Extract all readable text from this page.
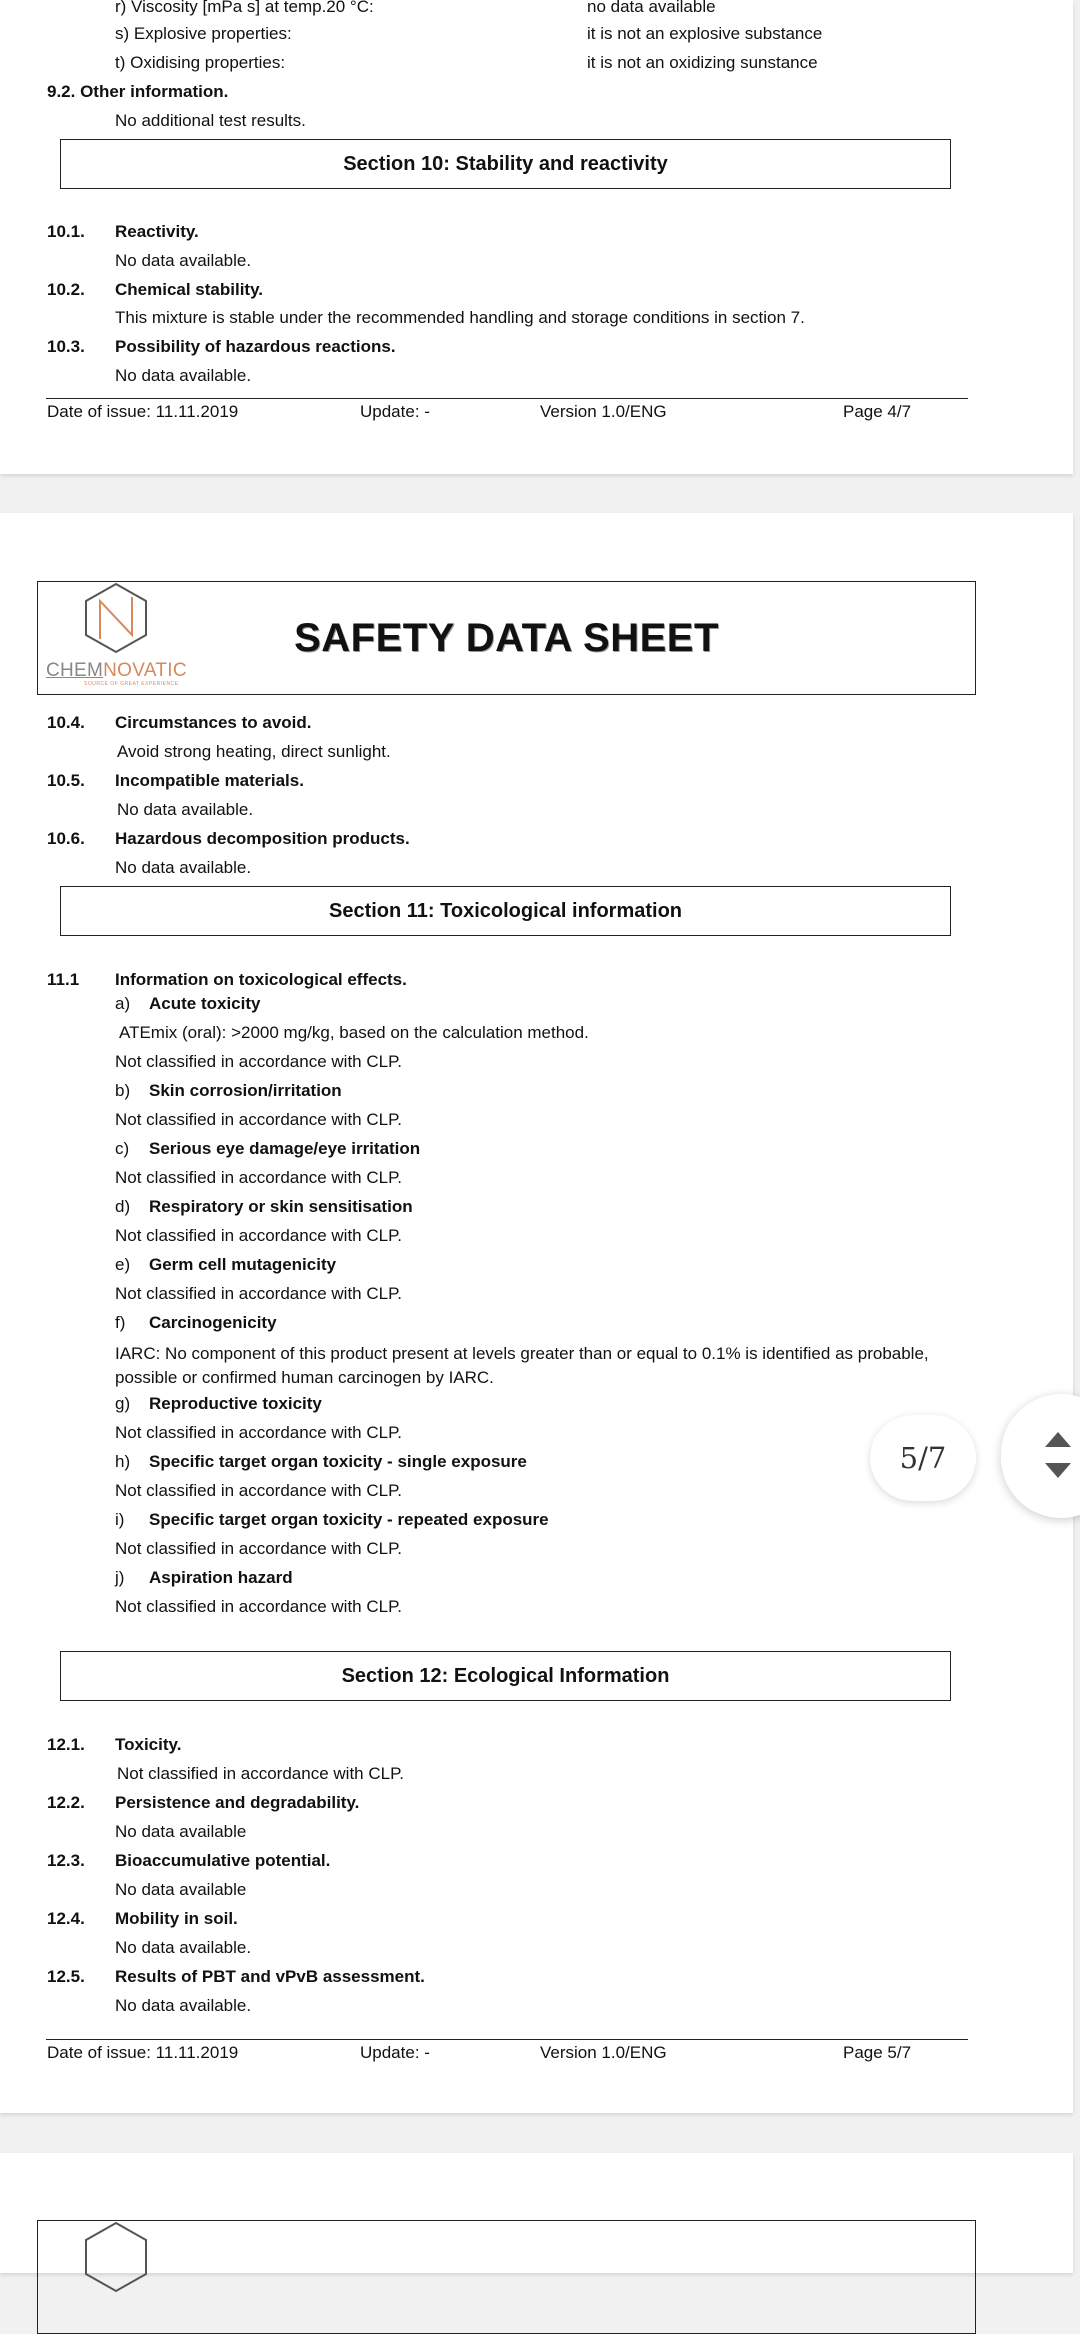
r) Viscosity [mPa s] at temp.20 °C:	no data available
s) Explosive properties:	it is not an explosive substance
t) Oxidising properties:	it is not an oxidizing sunstance
9.2. Other information.
No additional test results.
Section 10: Stability and reactivity
10.1. Reactivity.
No data available.
10.2. Chemical stability.
This mixture is stable under the recommended handling and storage conditions in section 7.
10.3. Possibility of hazardous reactions.
No data available.
Date of issue: 11.11.2019	Update: -	Version 1.0/ENG	Page 4/7
CHEMNOVATIC
SOURCE OF GREAT EXPERIENCE
SAFETY DATA SHEET
10.4. Circumstances to avoid.
Avoid strong heating, direct sunlight.
10.5. Incompatible materials.
No data available.
10.6. Hazardous decomposition products.
No data available.
Section 11: Toxicological information
11.1 Information on toxicological effects.
a) Acute toxicity
ATEmix (oral): >2000 mg/kg, based on the calculation method.
Not classified in accordance with CLP.
b) Skin corrosion/irritation
Not classified in accordance with CLP.
c) Serious eye damage/eye irritation
Not classified in accordance with CLP.
d) Respiratory or skin sensitisation
Not classified in accordance with CLP.
e) Germ cell mutagenicity
Not classified in accordance with CLP.
f) Carcinogenicity
IARC: No component of this product present at levels greater than or equal to 0.1% is identified as probable, possible or confirmed human carcinogen by IARC.
g) Reproductive toxicity
Not classified in accordance with CLP.
h) Specific target organ toxicity - single exposure
Not classified in accordance with CLP.
i) Specific target organ toxicity - repeated exposure
Not classified in accordance with CLP.
j) Aspiration hazard
Not classified in accordance with CLP.
Section 12: Ecological Information
12.1. Toxicity.
Not classified in accordance with CLP.
12.2. Persistence and degradability.
No data available
12.3. Bioaccumulative potential.
No data available
12.4. Mobility in soil.
No data available.
12.5. Results of PBT and vPvB assessment.
No data available.
Date of issue: 11.11.2019	Update: -	Version 1.0/ENG	Page 5/7
5/7
